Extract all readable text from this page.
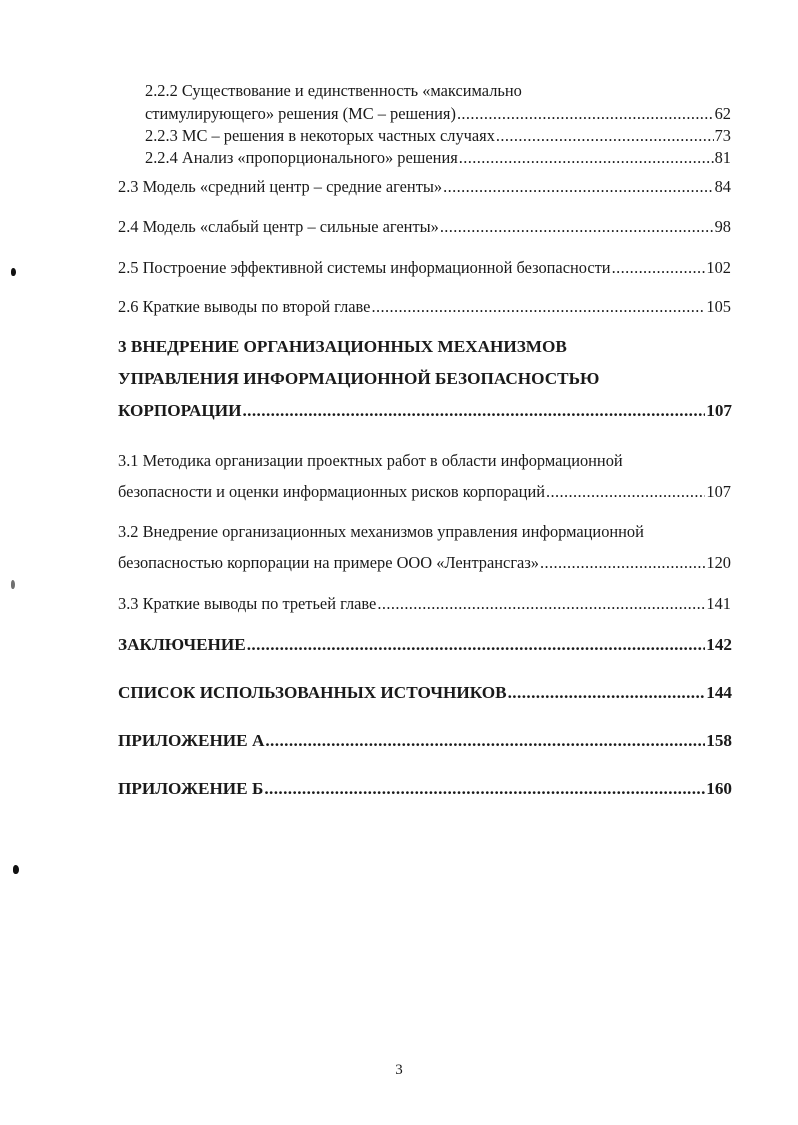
2.2.2 Существование и единственность «максимально
стимулирующего» решения (МС – решения) .....	62
2.2.3 МС – решения в некоторых частных случаях .....	73
2.2.4 Анализ «пропорционального» решения .....	81
2.3 Модель «средний центр – средние агенты» .....	84
2.4 Модель «слабый центр – сильные агенты» .....	98
2.5 Построение эффективной системы информационной безопасности .....	102
2.6 Краткие выводы по второй главе .....	105
3 ВНЕДРЕНИЕ ОРГАНИЗАЦИОННЫХ МЕХАНИЗМОВ
УПРАВЛЕНИЯ ИНФОРМАЦИОННОЙ БЕЗОПАСНОСТЬЮ
КОРПОРАЦИИ .....	107
3.1 Методика организации проектных работ в области информационной
безопасности и оценки информационных рисков корпораций .....	107
3.2 Внедрение организационных механизмов управления информационной
безопасностью корпорации на примере ООО «Лентрансгаз» .....	120
3.3 Краткие выводы по третьей главе .....	141
ЗАКЛЮЧЕНИЕ .....	142
СПИСОК ИСПОЛЬЗОВАННЫХ ИСТОЧНИКОВ .....	144
ПРИЛОЖЕНИЕ А .....	158
ПРИЛОЖЕНИЕ Б .....	160
3
